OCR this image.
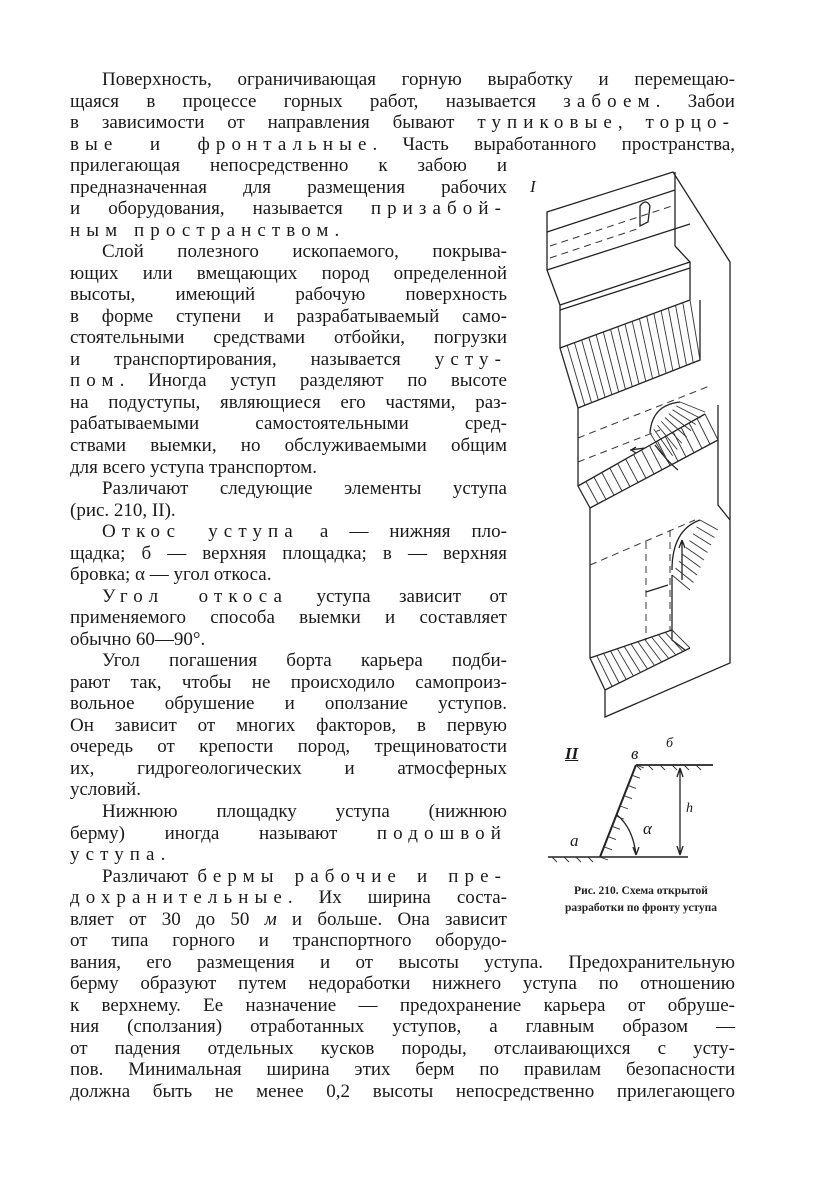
Поверхность, ограничивающая горную выработку и перемещаю-
щаяся в процессе горных работ, называется забоем. Забои
в зависимости от направления бывают тупиковые, торцо-
вые и фронтальные. Часть выработанного пространства,
прилегающая непосредственно к забою и
предназначенная для размещения рабочих
и оборудования, называется призабой-
ным пространством.
Слой полезного ископаемого, покрыва-
ющих или вмещающих пород определенной
высоты, имеющий рабочую поверхность
в форме ступени и разрабатываемый само-
стоятельными средствами отбойки, погрузки
и транспортирования, называется усту-
пом. Иногда уступ разделяют по высоте
на подуступы, являющиеся его частями, раз-
рабатываемыми самостоятельными сред-
ствами выемки, но обслуживаемыми общим
для всего уступа транспортом.
Различают следующие элементы уступа
(рис. 210, II).
Откос уступа а — нижняя пло-
щадка; б — верхняя площадка; в — верхняя
бровка; α — угол откоса.
Угол откоса уступа зависит от
применяемого способа выемки и составляет
обычно 60—90°.
Угол погашения борта карьера подби-
рают так, чтобы не происходило самопроиз-
вольное обрушение и оползание уступов.
Он зависит от многих факторов, в первую
очередь от крепости пород, трещиноватости
их, гидрогеологических и атмосферных
условий.
Нижнюю площадку уступа (нижнюю
берму) иногда называют подошвой
уступа.
Различают бермы рабочие и пре-
дохранительные. Их ширина соста-
вляет от 30 до 50 м и больше. Она зависит
от типа горного и транспортного оборудо-
вания, его размещения и от высоты уступа. Предохранительную
берму образуют путем недоработки нижнего уступа по отношению
к верхнему. Ее назначение — предохранение карьера от обруше-
ния (сползания) отработанных уступов, а главным образом —
от падения отдельных кусков породы, отслаивающихся с усту-
пов. Минимальная ширина этих берм по правилам безопасности
должна быть не менее 0,2 высоты непосредственно прилегающего
I
II	в
б
a
h
α
Рис. 210. Схема открытой
разработки по фронту уступа
